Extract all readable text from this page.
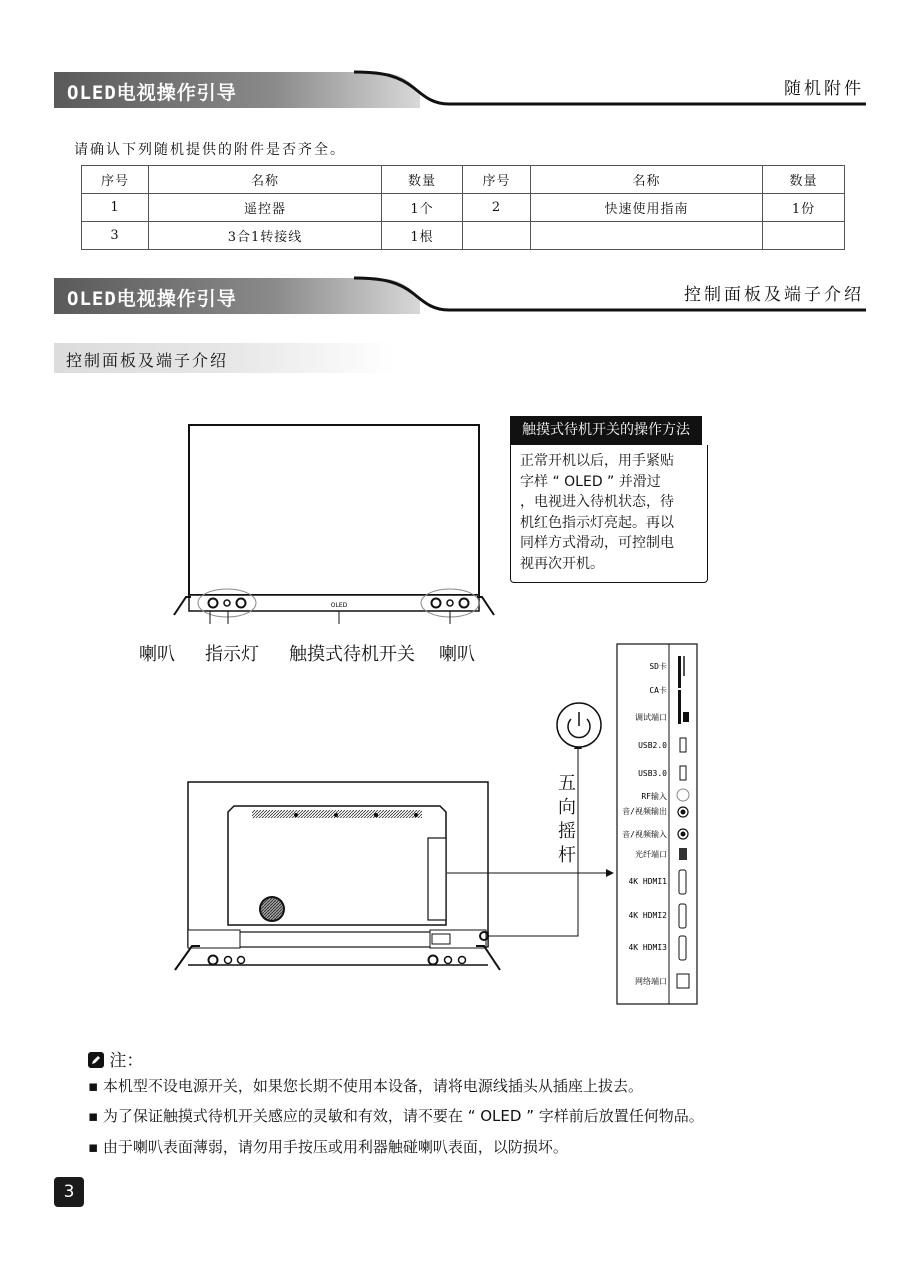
OLED电视操作引导	随机附件
请确认下列随机提供的附件是否齐全。
序号	名称	数量	序号	名称	数量
1	遥控器	1个	2	快速使用指南	1份
3	3合1转接线	1根			
OLED电视操作引导	控制面板及端子介绍
控制面板及端子介绍
OLED
喇叭 指示灯 触摸式待机开关 喇叭
触摸式待机开关的操作方法
正常开机以后，用手紧贴
字样 “ OLED ” 并滑过
，电视进入待机状态，待
机红色指示灯亮起。再以
同样方式滑动，可控制电
视再次开机。
SD卡
CA卡
调试端口
USB2.0
USB3.0
RF输入
音/视频输出
音/视频输入
光纤端口
4K HDMI1
4K HDMI2
4K HDMI3
网络端口
五
向
摇
杆
注：
▪ 本机型不设电源开关，如果您长期不使用本设备，请将电源线插头从插座上拔去。
▪ 为了保证触摸式待机开关感应的灵敏和有效，请不要在 “ OLED ” 字样前后放置任何物品。
▪ 由于喇叭表面薄弱，请勿用手按压或用利器触碰喇叭表面，以防损坏。
3
